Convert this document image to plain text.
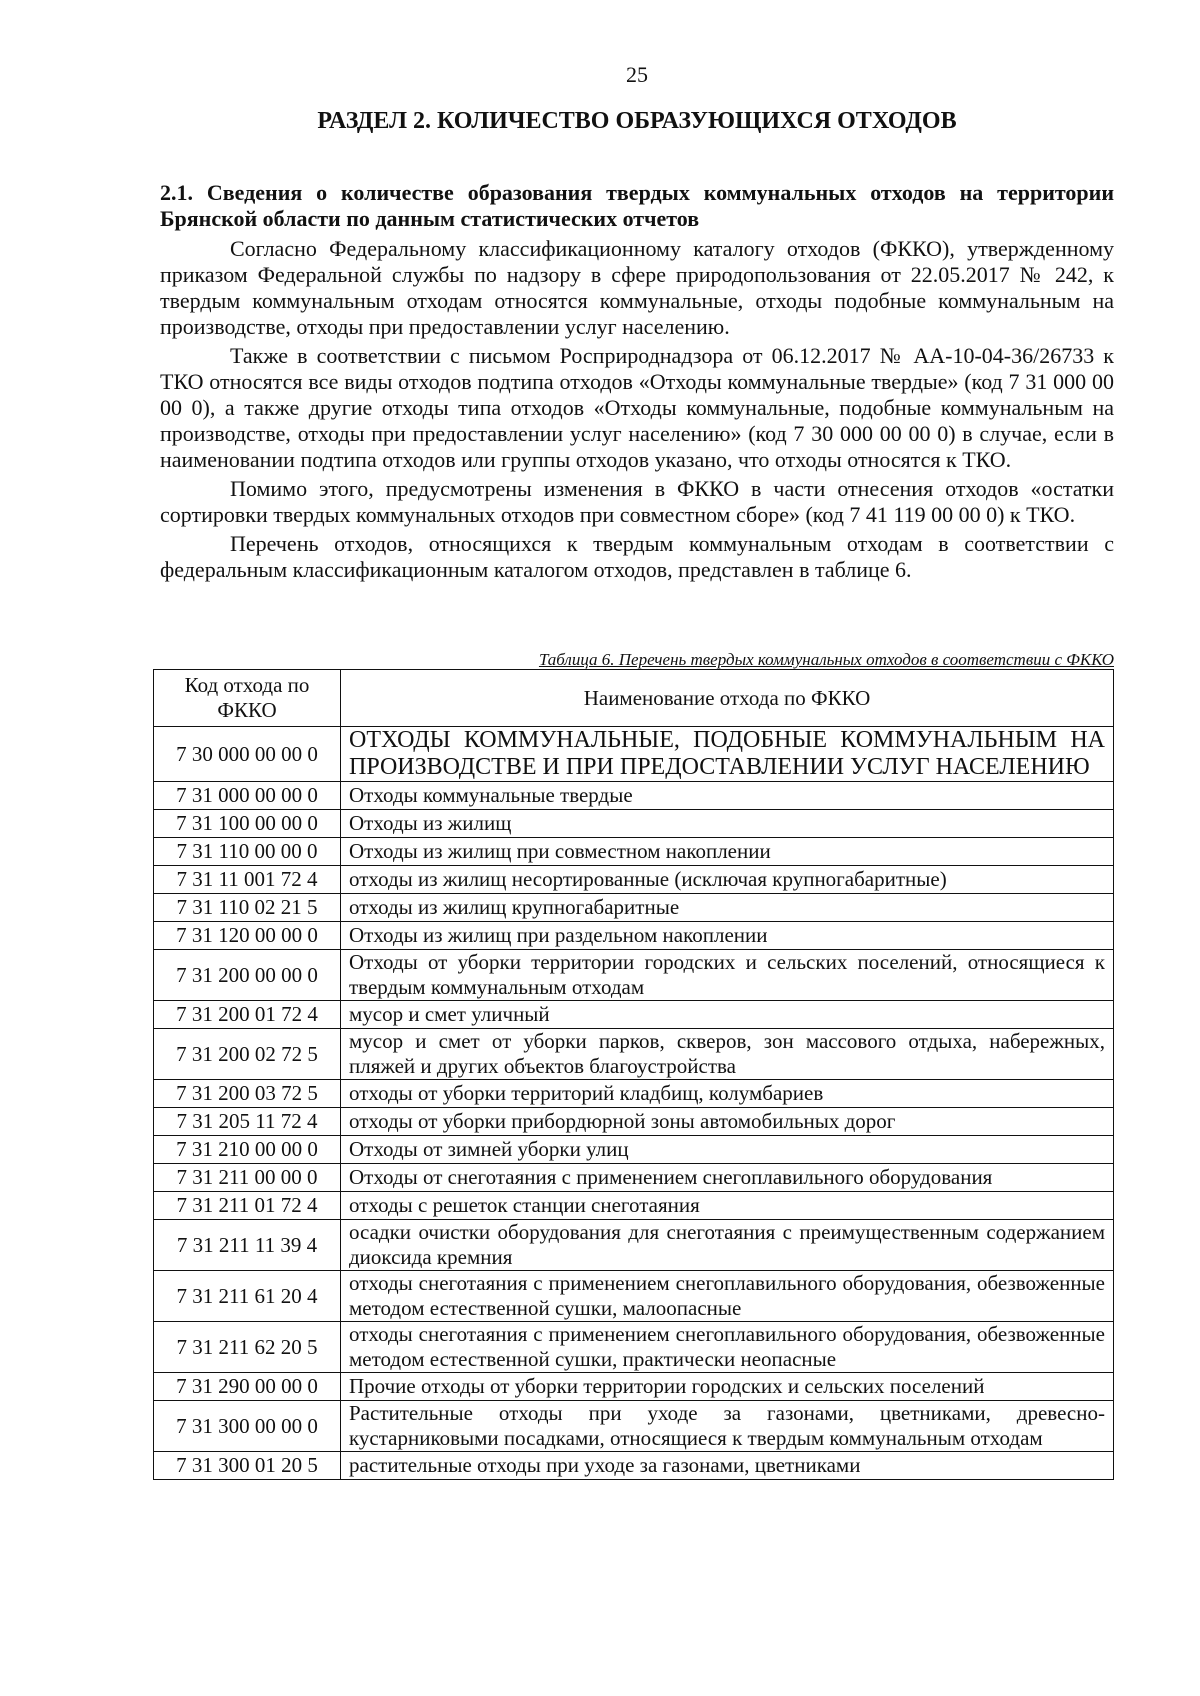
25
РАЗДЕЛ 2. КОЛИЧЕСТВО ОБРАЗУЮЩИХСЯ ОТХОДОВ
2.1. Сведения о количестве образования твердых коммунальных отходов на территории Брянской области по данным статистических отчетов

Согласно Федеральному классификационному каталогу отходов (ФККО), утвержденному приказом Федеральной службы по надзору в сфере природопользования от 22.05.2017 № 242, к твердым коммунальным отходам относятся коммунальные, отходы подобные коммунальным на производстве, отходы при предоставлении услуг населению.

Также в соответствии с письмом Росприроднадзора от 06.12.2017 № АА-10-04-36/26733 к ТКО относятся все виды отходов подтипа отходов «Отходы коммунальные твердые» (код 7 31 000 00 00 0), а также другие отходы типа отходов «Отходы коммунальные, подобные коммунальным на производстве, отходы при предоставлении услуг населению» (код 7 30 000 00 00 0) в случае, если в наименовании подтипа отходов или группы отходов указано, что отходы относятся к ТКО.

Помимо этого, предусмотрены изменения в ФККО в части отнесения отходов «остатки сортировки твердых коммунальных отходов при совместном сборе» (код 7 41 119 00 00 0) к ТКО.

Перечень отходов, относящихся к твердым коммунальным отходам в соответствии с федеральным классификационным каталогом отходов, представлен в таблице 6.

Таблица 6. Перечень твердых коммунальных отходов в соответствии с ФККО
Код отхода по ФККО	Наименование отхода по ФККО
7 30 000 00 00 0	ОТХОДЫ КОММУНАЛЬНЫЕ, ПОДОБНЫЕ КОММУНАЛЬНЫМ НА ПРОИЗВОДСТВЕ И ПРИ ПРЕДОСТАВЛЕНИИ УСЛУГ НАСЕЛЕНИЮ
7 31 000 00 00 0	Отходы коммунальные твердые
7 31 100 00 00 0	Отходы из жилищ
7 31 110 00 00 0	Отходы из жилищ при совместном накоплении
7 31 11 001 72 4	отходы из жилищ несортированные (исключая крупногабаритные)
7 31 110 02 21 5	отходы из жилищ крупногабаритные
7 31 120 00 00 0	Отходы из жилищ при раздельном накоплении
7 31 200 00 00 0	Отходы от уборки территории городских и сельских поселений, относящиеся к твердым коммунальным отходам
7 31 200 01 72 4	мусор и смет уличный
7 31 200 02 72 5	мусор и смет от уборки парков, скверов, зон массового отдыха, набережных, пляжей и других объектов благоустройства
7 31 200 03 72 5	отходы от уборки территорий кладбищ, колумбариев
7 31 205 11 72 4	отходы от уборки прибордюрной зоны автомобильных дорог
7 31 210 00 00 0	Отходы от зимней уборки улиц
7 31 211 00 00 0	Отходы от снеготаяния с применением снегоплавильного оборудования
7 31 211 01 72 4	отходы с решеток станции снеготаяния
7 31 211 11 39 4	осадки очистки оборудования для снеготаяния с преимущественным содержанием диоксида кремния
7 31 211 61 20 4	отходы снеготаяния с применением снегоплавильного оборудования, обезвоженные методом естественной сушки, малоопасные
7 31 211 62 20 5	отходы снеготаяния с применением снегоплавильного оборудования, обезвоженные методом естественной сушки, практически неопасные
7 31 290 00 00 0	Прочие отходы от уборки территории городских и сельских поселений
7 31 300 00 00 0	Растительные отходы при уходе за газонами, цветниками, древесно-кустарниковыми посадками, относящиеся к твердым коммунальным отходам
7 31 300 01 20 5	растительные отходы при уходе за газонами, цветниками
